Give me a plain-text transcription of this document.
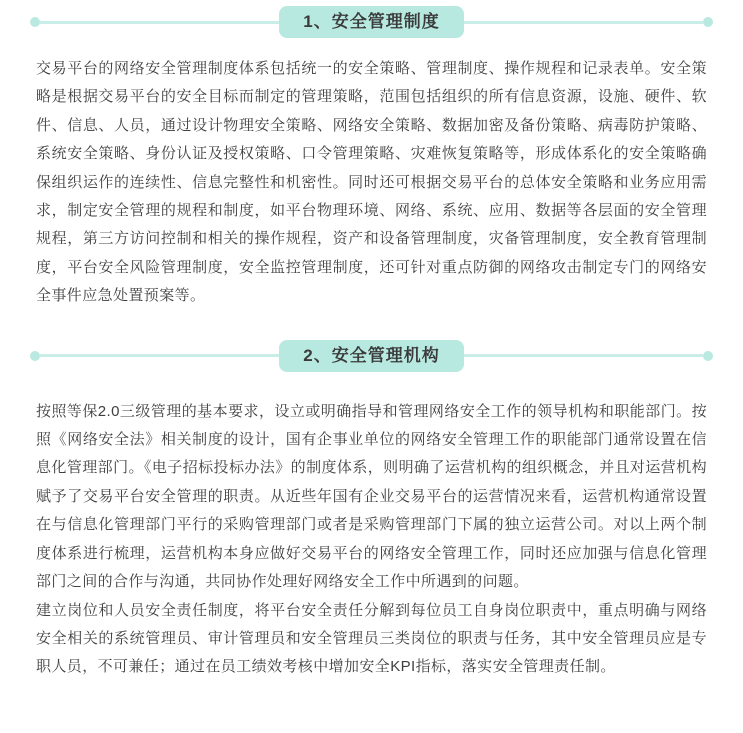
1、安全管理制度

交易平台的网络安全管理制度体系包括统一的安全策略、管理制度、操作规程和记录表单。安全策略是根据交易平台的安全目标而制定的管理策略，范围包括组织的所有信息资源，设施、硬件、软件、信息、人员，通过设计物理安全策略、网络安全策略、数据加密及备份策略、病毒防护策略、系统安全策略、身份认证及授权策略、口令管理策略、灾难恢复策略等，形成体系化的安全策略确保组织运作的连续性、信息完整性和机密性。同时还可根据交易平台的总体安全策略和业务应用需求，制定安全管理的规程和制度，如平台物理环境、网络、系统、应用、数据等各层面的安全管理规程，第三方访问控制和相关的操作规程，资产和设备管理制度，灾备管理制度，安全教育管理制度，平台安全风险管理制度，安全监控管理制度，还可针对重点防御的网络攻击制定专门的网络安全事件应急处置预案等。

2、安全管理机构

按照等保2.0三级管理的基本要求，设立或明确指导和管理网络安全工作的领导机构和职能部门。按照《网络安全法》相关制度的设计，国有企事业单位的网络安全管理工作的职能部门通常设置在信息化管理部门。《电子招标投标办法》的制度体系，则明确了运营机构的组织概念，并且对运营机构赋予了交易平台安全管理的职责。从近些年国有企业交易平台的运营情况来看，运营机构通常设置在与信息化管理部门平行的采购管理部门或者是采购管理部门下属的独立运营公司。对以上两个制度体系进行梳理，运营机构本身应做好交易平台的网络安全管理工作，同时还应加强与信息化管理部门之间的合作与沟通，共同协作处理好网络安全工作中所遇到的问题。

建立岗位和人员安全责任制度，将平台安全责任分解到每位员工自身岗位职责中，重点明确与网络安全相关的系统管理员、审计管理员和安全管理员三类岗位的职责与任务，其中安全管理员应是专职人员，不可兼任；通过在员工绩效考核中增加安全KPI指标，落实安全管理责任制。
